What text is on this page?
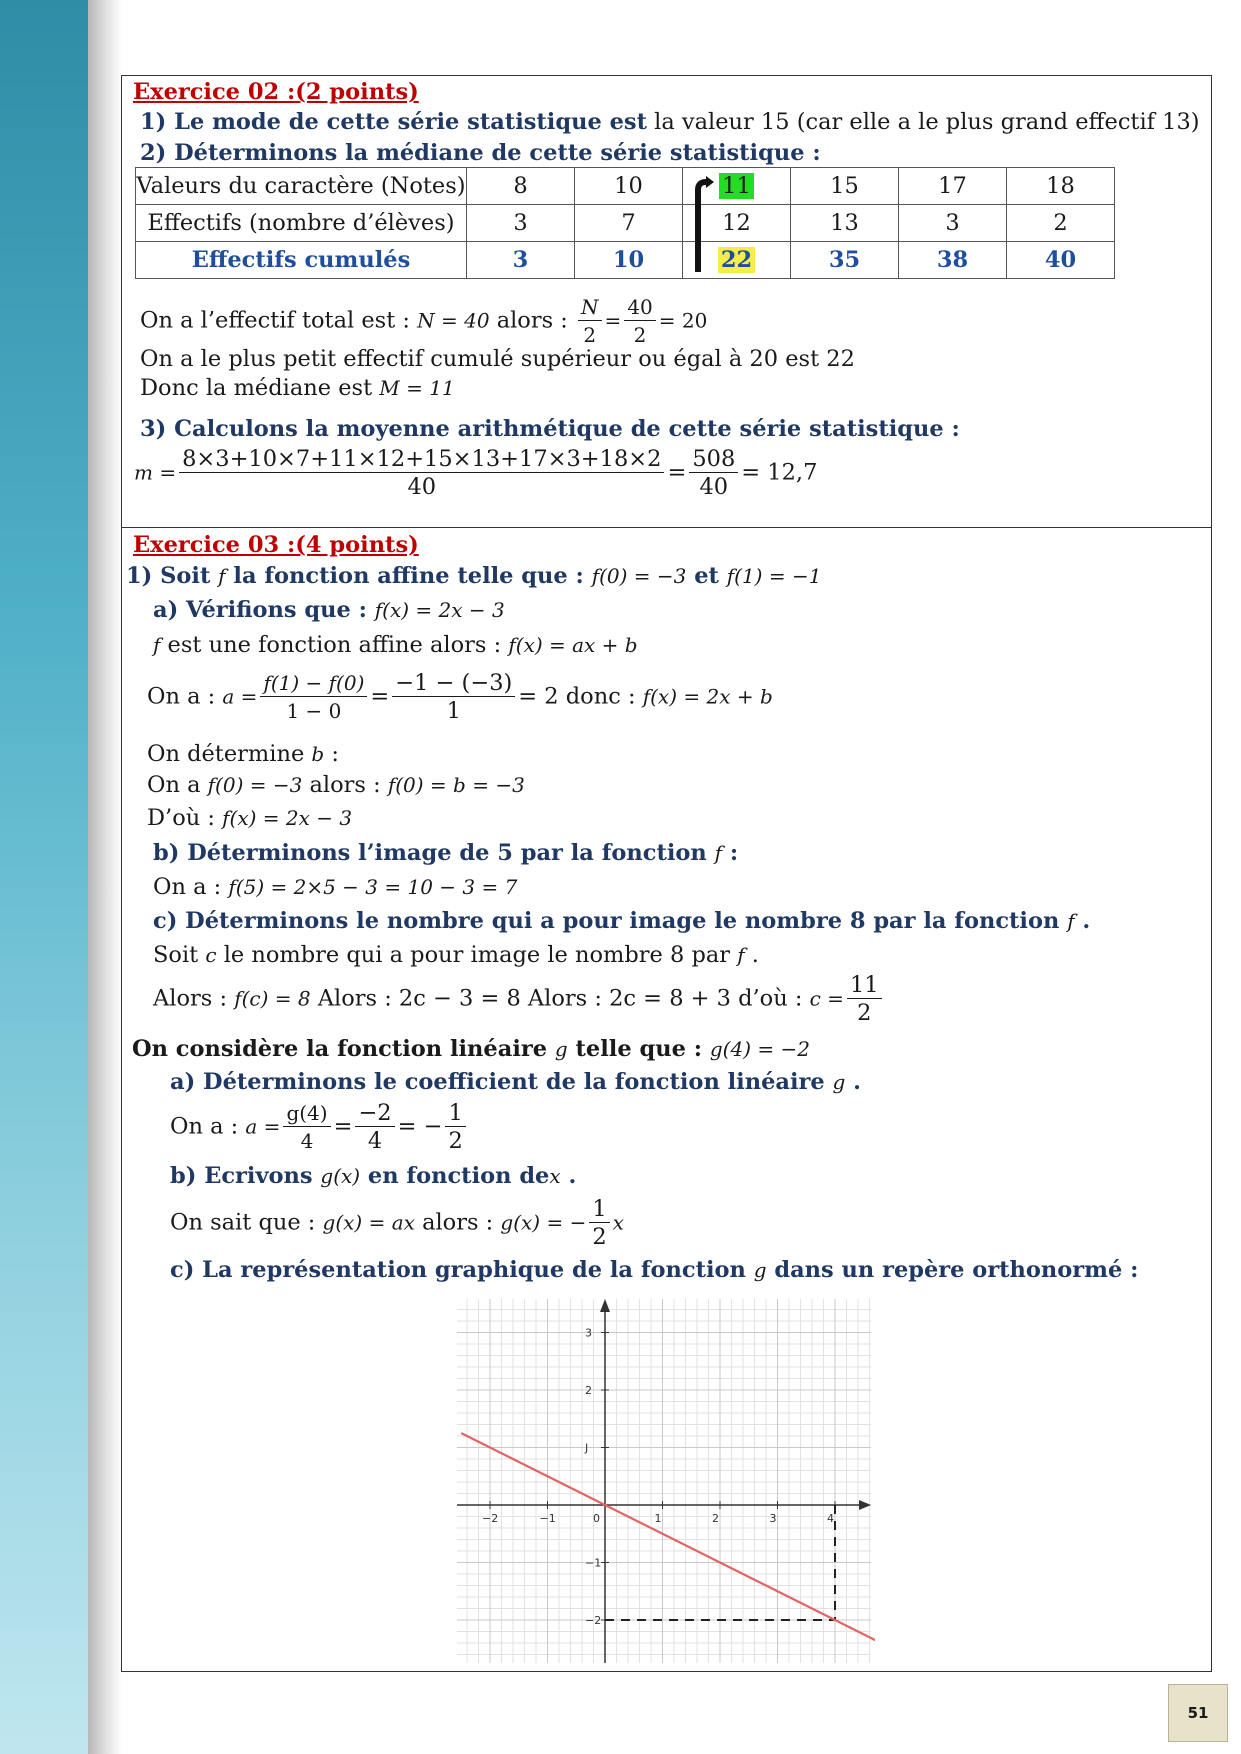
Exercice 02 :(2 points)
1) Le mode de cette série statistique est la valeur 15 (car elle a le plus grand effectif 13)
2) Déterminons la médiane de cette série statistique :
Valeurs du caractère (Notes)	8	10	11	15	17	18
Effectifs (nombre d’élèves)	3	7	12	13	3	2
Effectifs cumulés	3	10	22	35	38	40
On a l’effectif total est : N = 40 alors : $\frac{N}{2} = \frac{40}{2} = 20$
On a le plus petit effectif cumulé supérieur ou égal à 20 est 22
Donc la médiane est M = 11
3) Calculons la moyenne arithmétique de cette série statistique :
$m = \frac{8\times 3+10\times 7+11\times 12+15\times 13+17\times 3+18\times 2}{40} = \frac{508}{40} = 12,7$
Exercice 03 :(4 points)
1) Soit f la fonction affine telle que : f(0) = −3 et f(1) = −1
a) Vérifions que : f(x) = 2x − 3
f est une fonction affine alors : f(x) = ax + b
On a : $a = \frac{f(1) - f(0)}{1 - 0} = \frac{-1 - (-3)}{1} = 2$ donc : f(x) = 2x + b
On détermine b :
On a f(0) = −3 alors : f(0) = b = −3
D’où : f(x) = 2x − 3
b) Déterminons l’image de 5 par la fonction f :
On a : f(5) = 2×5 − 3 = 10 − 3 = 7
c) Déterminons le nombre qui a pour image le nombre 8 par la fonction f .
Soit c le nombre qui a pour image le nombre 8 par f .
Alors : f(c) = 8 Alors : 2c − 3 = 8 Alors : 2c = 8 + 3 d’où : $c = \frac{11}{2}$
On considère la fonction linéaire g telle que : g(4) = −2
a) Déterminons le coefficient de la fonction linéaire g .
On a : $a = \frac{g(4)}{4} = \frac{-2}{4}$ = − $\frac{1}{2}$
b) Ecrivons g(x) en fonction dex .
On sait que : g(x) = ax alors : g(x) = − $\frac{1}{2}$ x
c) La représentation graphique de la fonction g dans un repère orthonormé :
−2	−1	0	1	2	3	4
−2
−1
J
2
3
51
